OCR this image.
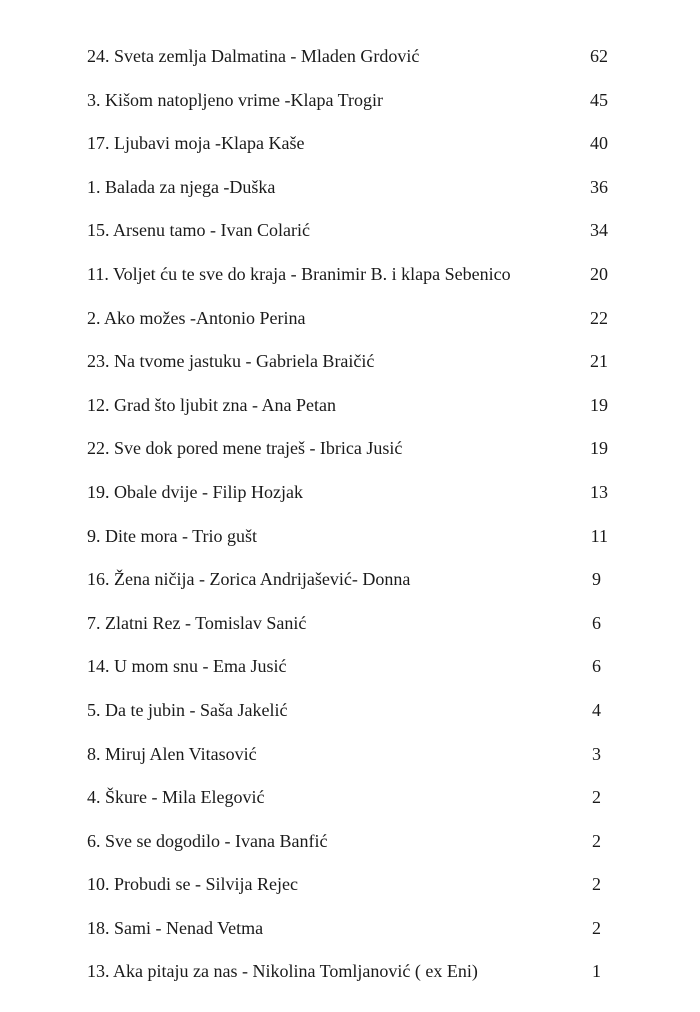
24. Sveta zemlja Dalmatina - Mladen Grdović	62
3. Kišom natopljeno vrime -Klapa Trogir	45
17. Ljubavi moja -Klapa Kaše	40
1. Balada za njega -Duška	36
15. Arsenu tamo - Ivan Colarić	34
11. Voljet ću te sve do kraja - Branimir B. i klapa Sebenico	20
2. Ako možes -Antonio Perina	22
23. Na tvome jastuku - Gabriela Braičić	21
12. Grad što ljubit zna - Ana Petan	19
22. Sve dok pored mene traješ - Ibrica Jusić	19
19. Obale dvije - Filip Hozjak	13
9. Dite mora - Trio gušt	11
16. Žena ničija - Zorica Andrijašević- Donna	9
7. Zlatni Rez - Tomislav Sanić	6
14. U mom snu - Ema Jusić	6
5. Da te jubin - Saša Jakelić	4
8. Miruj Alen Vitasović	3
4. Škure - Mila Elegović	2
6. Sve se dogodilo - Ivana Banfić	2
10. Probudi se - Silvija Rejec	2
18. Sami - Nenad Vetma	2
13. Aka pitaju za nas - Nikolina Tomljanović ( ex Eni)	1
